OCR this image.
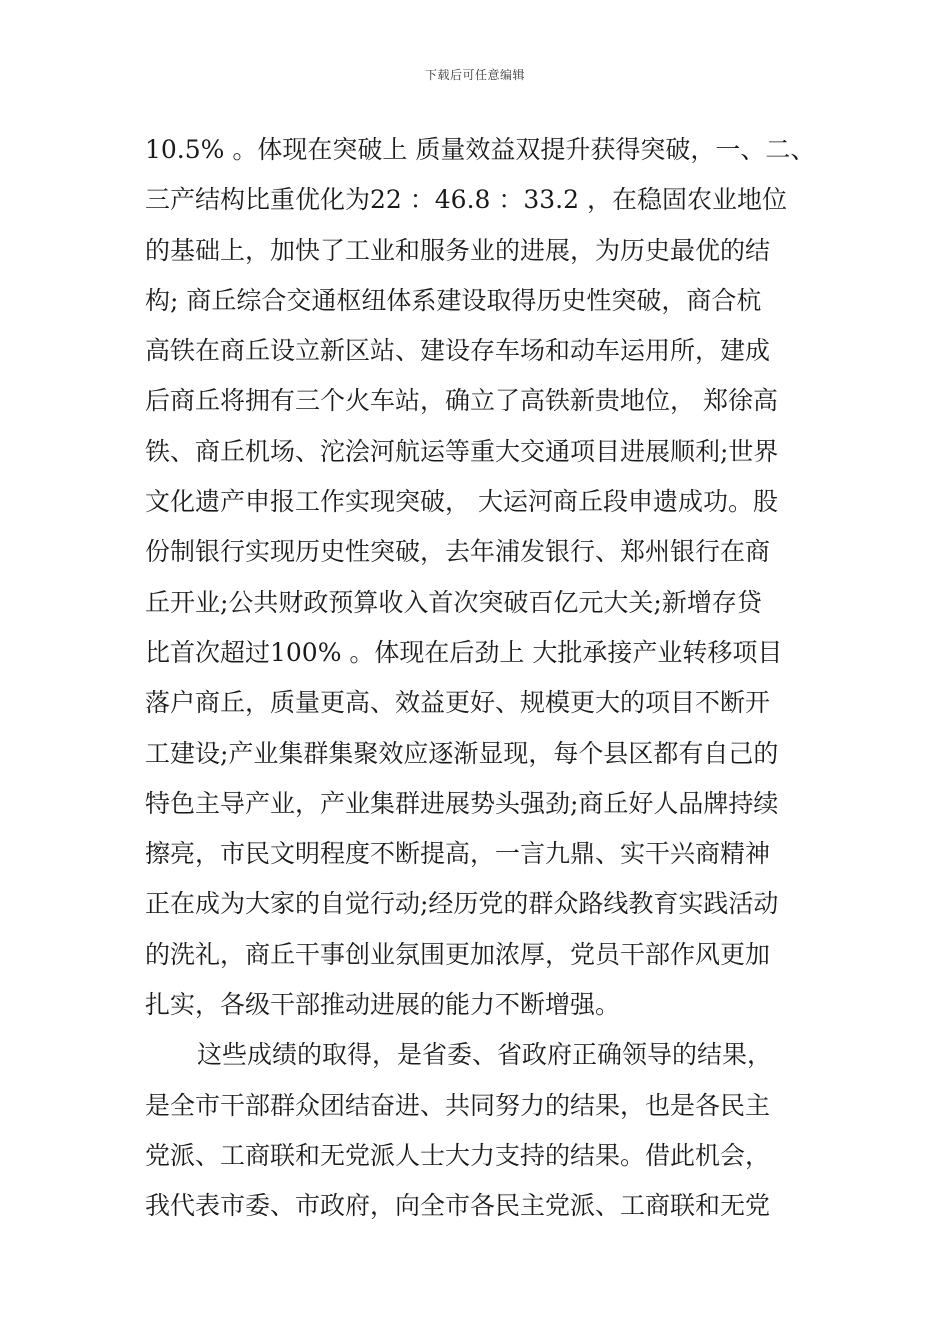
下载后可任意编辑
10.5% 。体现在突破上 质量效益双提升获得突破，一、二、
三产结构比重优化为22 ：46.8 ：33.2 ，在稳固农业地位
的基础上，加快了工业和服务业的进展，为历史最优的结
构; 商丘综合交通枢纽体系建设取得历史性突破，商合杭
高铁在商丘设立新区站、建设存车场和动车运用所，建成
后商丘将拥有三个火车站，确立了高铁新贵地位， 郑徐高
铁、商丘机场、沱浍河航运等重大交通项目进展顺利;世界
文化遗产申报工作实现突破， 大运河商丘段申遗成功。股
份制银行实现历史性突破，去年浦发银行、郑州银行在商
丘开业;公共财政预算收入首次突破百亿元大关;新增存贷
比首次超过100% 。体现在后劲上 大批承接产业转移项目
落户商丘，质量更高、效益更好、规模更大的项目不断开
工建设;产业集群集聚效应逐渐显现，每个县区都有自己的
特色主导产业，产业集群进展势头强劲;商丘好人品牌持续
擦亮，市民文明程度不断提高，一言九鼎、实干兴商精神
正在成为大家的自觉行动;经历党的群众路线教育实践活动
的洗礼，商丘干事创业氛围更加浓厚，党员干部作风更加
扎实，各级干部推动进展的能力不断增强。
这些成绩的取得，是省委、省政府正确领导的结果，
是全市干部群众团结奋进、共同努力的结果，也是各民主
党派、工商联和无党派人士大力支持的结果。借此机会，
我代表市委、市政府，向全市各民主党派、工商联和无党
